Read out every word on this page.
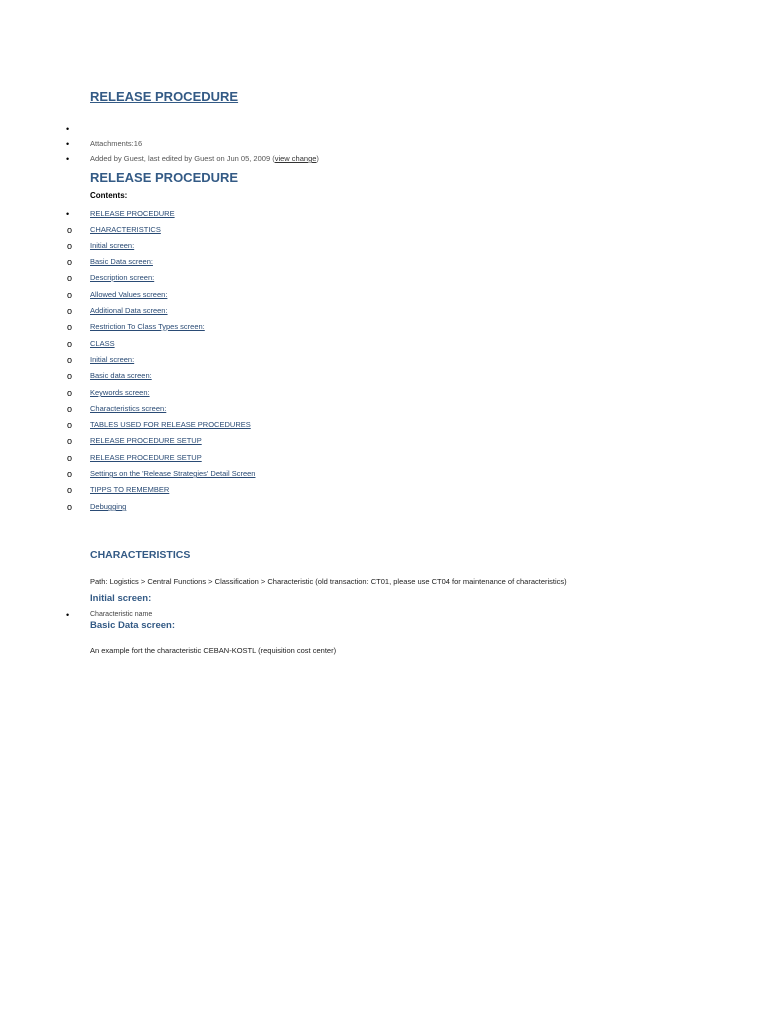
RELEASE PROCEDURE
•
•
•
Attachments:16
Added by Guest, last edited by Guest on Jun 05, 2009 (view change)
RELEASE PROCEDURE
Contents:
•
o
o
o
o
o
o
o
o
o
o
o
o
o
o
o
o
o
o
RELEASE PROCEDURE
CHARACTERISTICS
Initial screen:
Basic Data screen:
Description screen:
Allowed Values screen:
Additional Data screen:
Restriction To Class Types screen:
CLASS
Initial screen:
Basic data screen:
Keywords screen:
Characteristics screen:
TABLES USED FOR RELEASE PROCEDURES
RELEASE PROCEDURE SETUP
RELEASE PROCEDURE SETUP
Settings on the 'Release Strategies' Detail Screen
TIPPS TO REMEMBER
Debugging
CHARACTERISTICS
Path: Logistics > Central Functions > Classification > Characteristic (old transaction: CT01, please use CT04 for maintenance of characteristics)
Initial screen:
•	Characteristic name
Basic Data screen:
An example fort the characteristic CEBAN-KOSTL (requisition cost center)
